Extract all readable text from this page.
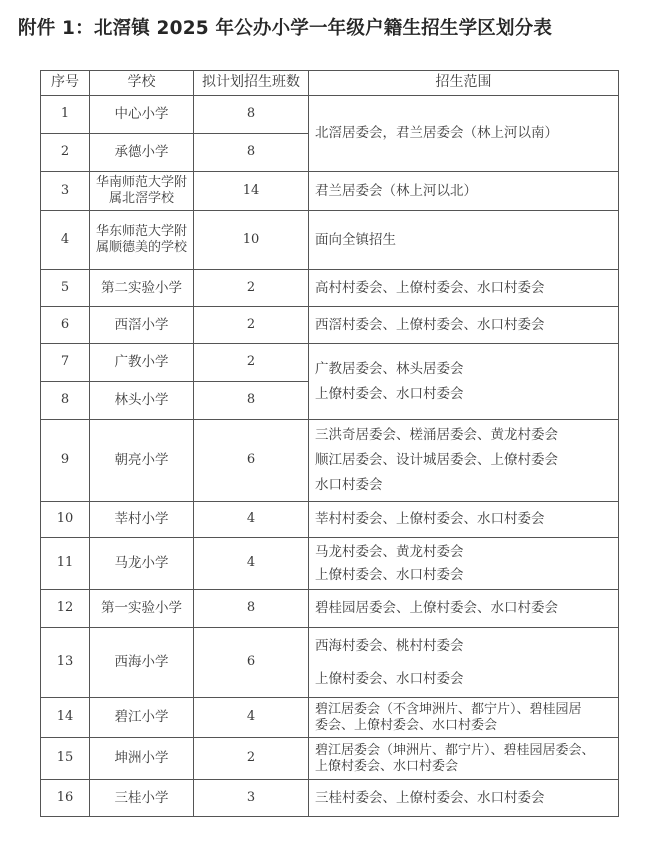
附件 1：北滘镇 2025 年公办小学一年级户籍生招生学区划分表
序号	学校	拟计划招生班数	招生范围
1	中心小学	8	北滘居委会，君兰居委会（林上河以南）

2	承德小学	8	
3	华南师范大学附属北滘学校	14	君兰居委会（林上河以北）

4	华东师范大学附属顺德美的学校	10	面向全镇招生

5	第二实验小学	2	高村村委会、上僚村委会、水口村委会

6	西滘小学	2	西滘村委会、上僚村委会、水口村委会

7	广教小学	2	广教居委会、林头居委会
上僚村委会、水口村委会

8	林头小学	8	
9	朝亮小学	6	三洪奇居委会、槎涌居委会、黄龙村委会
顺江居委会、设计城居委会、上僚村委会
水口村委会

10	莘村小学	4	莘村村委会、上僚村委会、水口村委会

11	马龙小学	4	马龙村委会、黄龙村委会
上僚村委会、水口村委会

12	第一实验小学	8	碧桂园居委会、上僚村委会、水口村委会

13	西海小学	6	西海村委会、桃村村委会
上僚村委会、水口村委会

14	碧江小学	4	碧江居委会（不含坤洲片、都宁片）、碧桂园居
委会、上僚村委会、水口村委会

15	坤洲小学	2	碧江居委会（坤洲片、都宁片）、碧桂园居委会、
上僚村委会、水口村委会

16	三桂小学	3	三桂村委会、上僚村委会、水口村委会
